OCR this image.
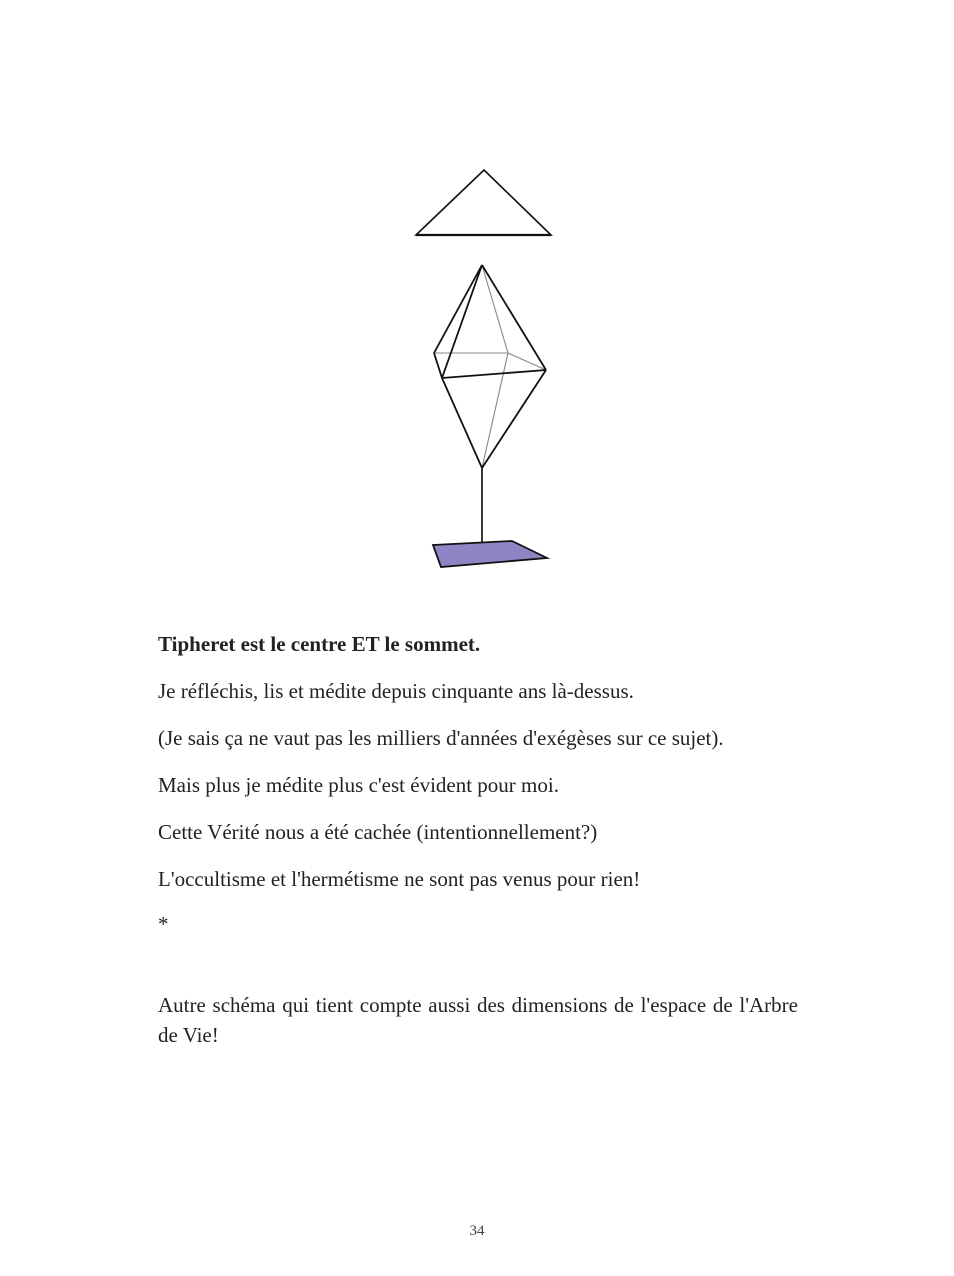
Tipheret est le centre ET le sommet.

Je réfléchis, lis et médite depuis cinquante ans là-dessus.

(Je sais ça ne vaut pas les milliers d'années d'exégèses sur ce sujet).

Mais plus je médite plus c'est évident pour moi.

Cette Vérité nous a été cachée (intentionnellement?)

L'occultisme et l'hermétisme ne sont pas venus pour rien!

*

Autre schéma qui tient compte aussi des dimensions de l'espace de l'Arbre de Vie!

34
